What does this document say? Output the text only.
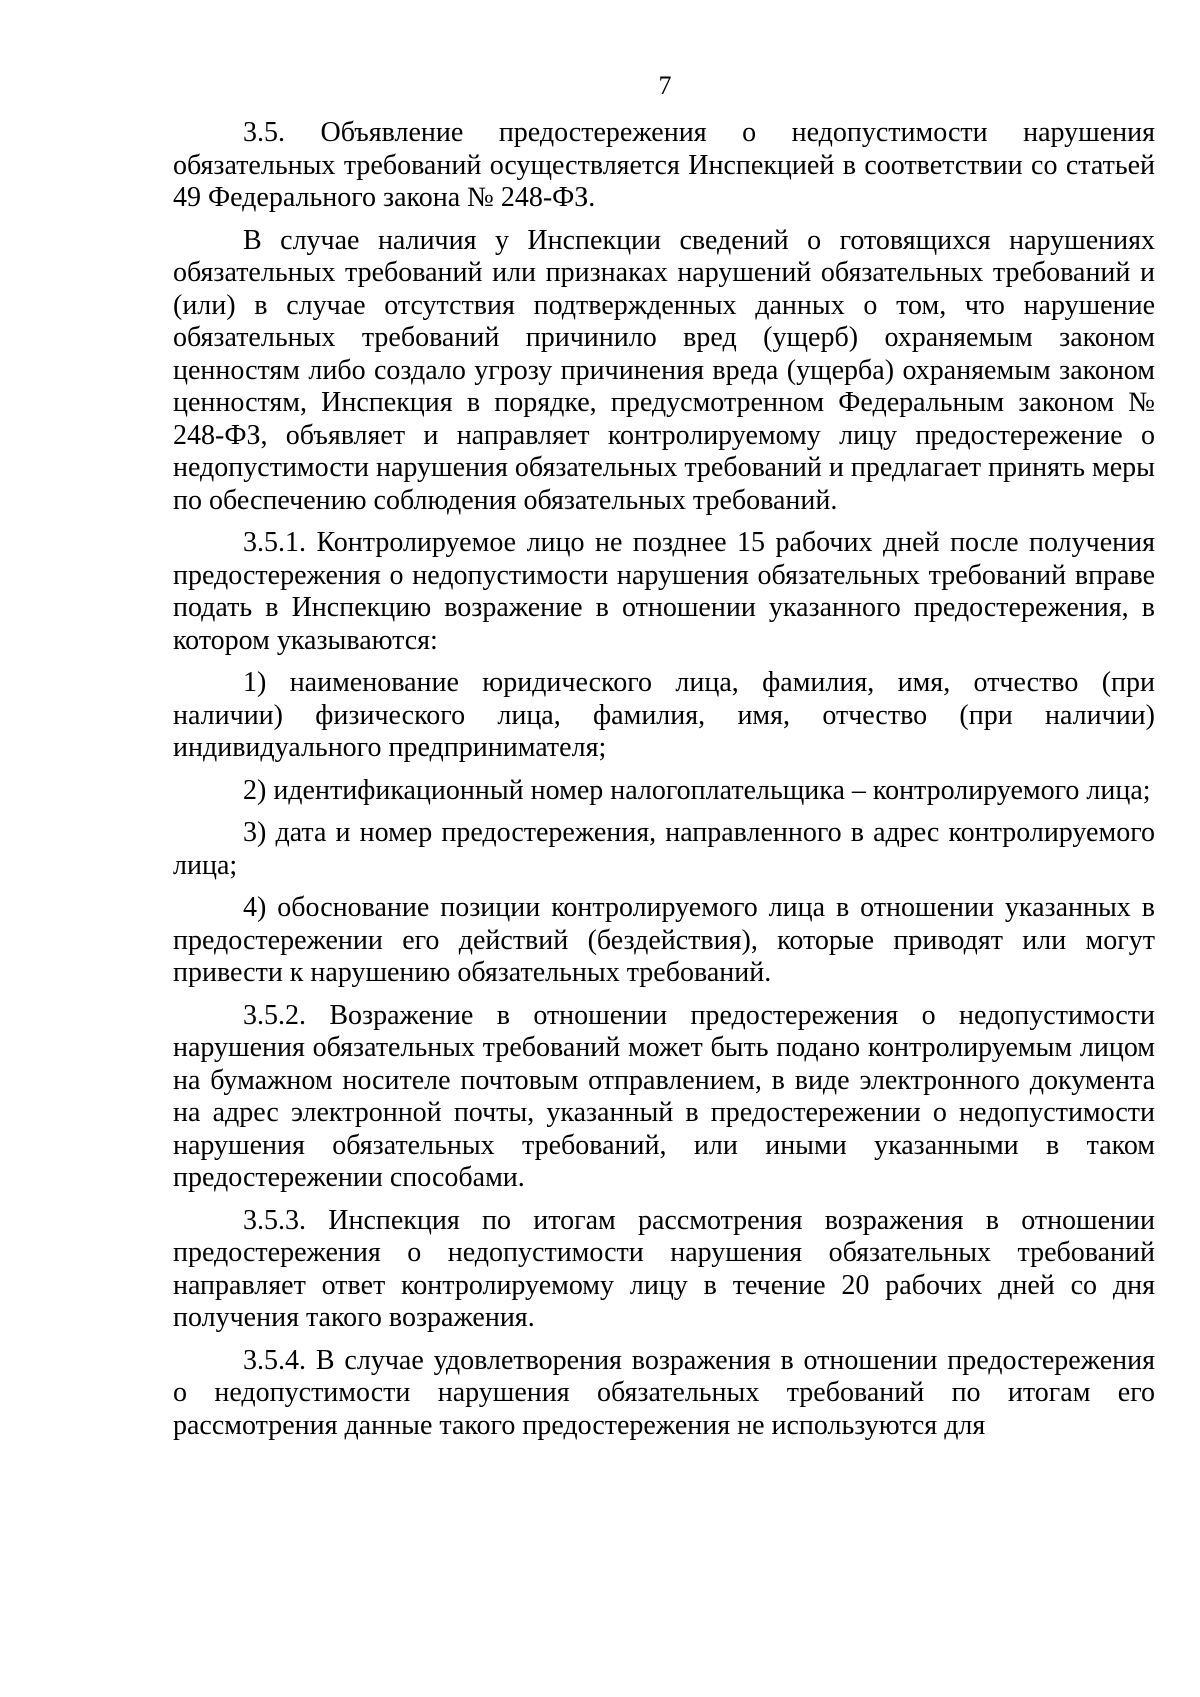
7

3.5. Объявление предостережения о недопустимости нарушения обязательных требований осуществляется Инспекцией в соответствии со статьей 49 Федерального закона № 248-ФЗ.

В случае наличия у Инспекции сведений о готовящихся нарушениях обязательных требований или признаках нарушений обязательных требований и (или) в случае отсутствия подтвержденных данных о том, что нарушение обязательных требований причинило вред (ущерб) охраняемым законом ценностям либо создало угрозу причинения вреда (ущерба) охраняемым законом ценностям, Инспекция в порядке, предусмотренном Федеральным законом № 248-ФЗ, объявляет и направляет контролируемому лицу предостережение о недопустимости нарушения обязательных требований и предлагает принять меры по обеспечению соблюдения обязательных требований.

3.5.1. Контролируемое лицо не позднее 15 рабочих дней после получения предостережения о недопустимости нарушения обязательных требований вправе подать в Инспекцию возражение в отношении указанного предостережения, в котором указываются:

1) наименование юридического лица, фамилия, имя, отчество (при наличии) физического лица, фамилия, имя, отчество (при наличии) индивидуального предпринимателя;

2) идентификационный номер налогоплательщика – контролируемого лица;

3) дата и номер предостережения, направленного в адрес контролируемого лица;

4) обоснование позиции контролируемого лица в отношении указанных в предостережении его действий (бездействия), которые приводят или могут привести к нарушению обязательных требований.

3.5.2. Возражение в отношении предостережения о недопустимости нарушения обязательных требований может быть подано контролируемым лицом на бумажном носителе почтовым отправлением, в виде электронного документа на адрес электронной почты, указанный в предостережении о недопустимости нарушения обязательных требований, или иными указанными в таком предостережении способами.

3.5.3. Инспекция по итогам рассмотрения возражения в отношении предостережения о недопустимости нарушения обязательных требований направляет ответ контролируемому лицу в течение 20 рабочих дней со дня получения такого возражения.

3.5.4. В случае удовлетворения возражения в отношении предостережения о недопустимости нарушения обязательных требований по итогам его рассмотрения данные такого предостережения не используются для
